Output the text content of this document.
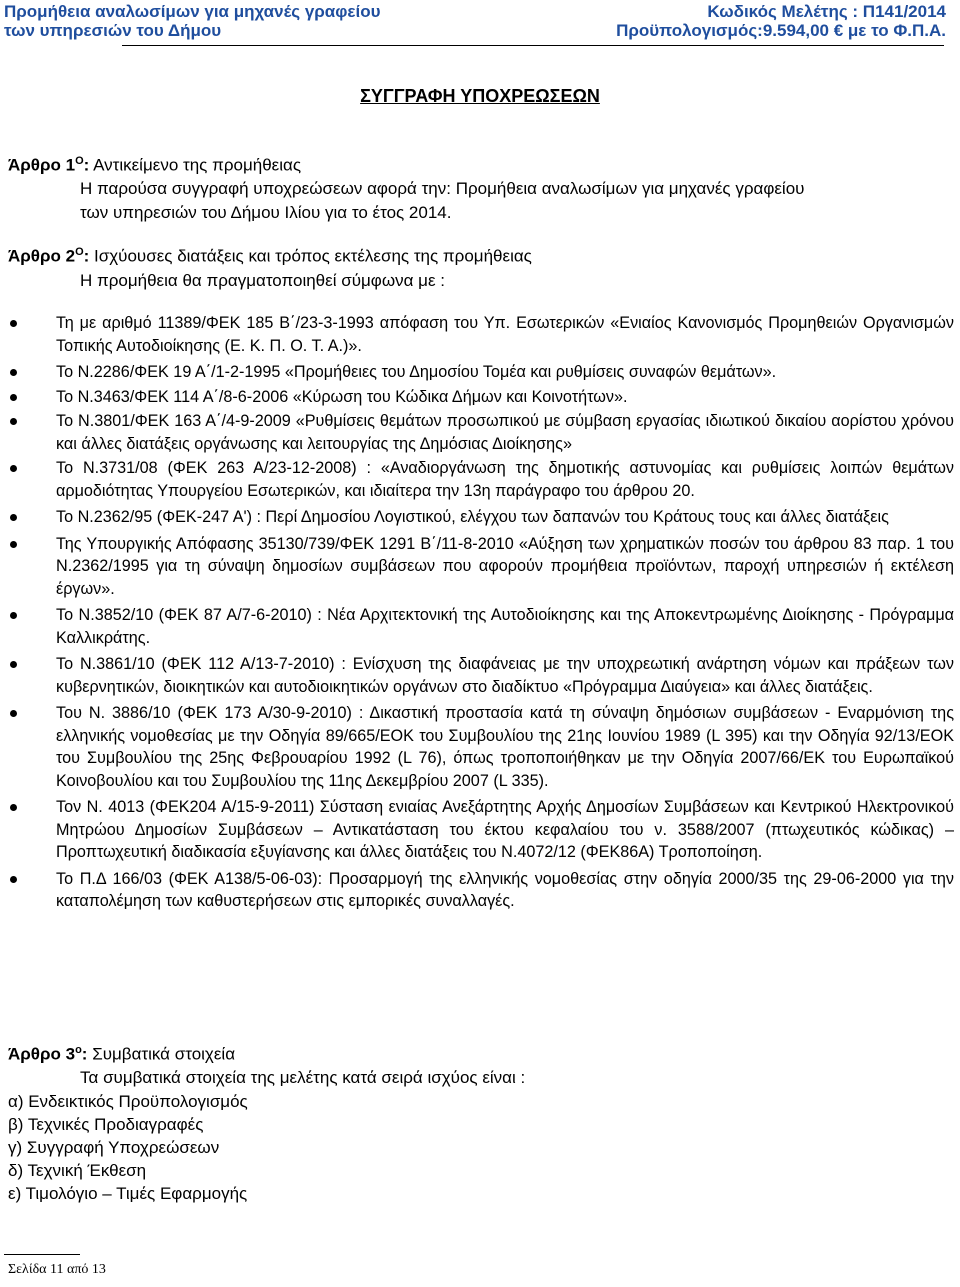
Προμήθεια αναλωσίμων για μηχανές γραφείου
των υπηρεσιών του Δήμου
Κωδικός Μελέτης : Π141/2014
Προϋπολογισμός:9.594,00 € με το Φ.Π.Α.
ΣΥΓΓΡΑΦΗ ΥΠΟΧΡΕΩΣΕΩΝ
Άρθρο $1^O$: Αντικείμενο της προμήθειας
Η παρούσα συγγραφή υποχρεώσεων αφορά την: Προμήθεια αναλωσίμων για μηχανές γραφείου
των υπηρεσιών του Δήμου Ιλίου για το έτος 2014.
Άρθρο $2^O$: Ισχύουσες διατάξεις και τρόπος εκτέλεσης της προμήθειας
Η προμήθεια θα πραγματοποιηθεί σύμφωνα με :
Τη με αριθμό 11389/ΦΕΚ 185 Β΄/23-3-1993 απόφαση του Υπ. Εσωτερικών «Ενιαίος Κανονισμός Προμηθειών Οργανισμών Τοπικής Αυτοδιοίκησης (Ε. Κ. Π. Ο. Τ. Α.)».
Το Ν.2286/ΦΕΚ 19 Α΄/1-2-1995 «Προμήθειες του Δημοσίου Τομέα και ρυθμίσεις συναφών θεμάτων».
Το Ν.3463/ΦΕΚ 114 Α΄/8-6-2006 «Κύρωση του Κώδικα Δήμων και Κοινοτήτων».
Το Ν.3801/ΦΕΚ 163 Α΄/4-9-2009 «Ρυθμίσεις θεμάτων προσωπικού με σύμβαση εργασίας ιδιωτικού δικαίου αορίστου χρόνου και άλλες διατάξεις οργάνωσης και λειτουργίας της Δημόσιας Διοίκησης»
Το Ν.3731/08 (ΦΕΚ 263 Α/23-12-2008) : «Αναδιοργάνωση της δημοτικής αστυνομίας και ρυθμίσεις λοιπών θεμάτων αρμοδιότητας Υπουργείου Εσωτερικών, και ιδιαίτερα την 13η παράγραφο του άρθρου 20.
Το Ν.2362/95 (ΦΕΚ-247 Α') : Περί Δημοσίου Λογιστικού, ελέγχου των δαπανών του Κράτους τους και άλλες διατάξεις
Της Υπουργικής Απόφασης 35130/739/ΦΕΚ 1291 Β΄/11-8-2010 «Αύξηση των χρηματικών ποσών του άρθρου 83 παρ. 1 του Ν.2362/1995 για τη σύναψη δημοσίων συμβάσεων που αφορούν προμήθεια προϊόντων, παροχή υπηρεσιών ή εκτέλεση έργων».
Το Ν.3852/10 (ΦΕΚ 87 Α/7-6-2010) : Νέα Αρχιτεκτονική της Αυτοδιοίκησης και της Αποκεντρωμένης Διοίκησης - Πρόγραμμα Καλλικράτης.
Το Ν.3861/10 (ΦΕΚ 112 Α/13-7-2010) : Ενίσχυση της διαφάνειας με την υποχρεωτική ανάρτηση νόμων και πράξεων των κυβερνητικών, διοικητικών και αυτοδιοικητικών οργάνων στο διαδίκτυο «Πρόγραμμα Διαύγεια» και άλλες διατάξεις.
Του Ν. 3886/10 (ΦΕΚ 173 Α/30-9-2010) : Δικαστική προστασία κατά τη σύναψη δημόσιων συμβάσεων - Εναρμόνιση της ελληνικής νομοθεσίας με την Οδηγία 89/665/ΕΟΚ του Συμβουλίου της 21ης Ιουνίου 1989 (L 395) και την Οδηγία 92/13/ΕΟΚ του Συμβουλίου της 25ης Φεβρουαρίου 1992 (L 76), όπως τροποποιήθηκαν με την Οδηγία 2007/66/ΕΚ του Ευρωπαϊκού Κοινοβουλίου και του Συμβουλίου της 11ης Δεκεμβρίου 2007 (L 335).
Τον Ν. 4013 (ΦΕΚ204 Α/15-9-2011) Σύσταση ενιαίας Ανεξάρτητης Αρχής Δημοσίων Συμβάσεων και Κεντρικού Ηλεκτρονικού Μητρώου Δημοσίων Συμβάσεων – Αντικατάσταση του έκτου κεφαλαίου του ν. 3588/2007 (πτωχευτικός κώδικας) – Προπτωχευτική διαδικασία εξυγίανσης και άλλες διατάξεις του Ν.4072/12 (ΦΕΚ86Α) Τροποποίηση.
Το Π.Δ 166/03 (ΦΕΚ Α138/5-06-03): Προσαρμογή της ελληνικής νομοθεσίας στην οδηγία 2000/35 της 29-06-2000 για την καταπολέμηση των καθυστερήσεων στις εμπορικές συναλλαγές.
Άρθρο $3^o$: Συμβατικά στοιχεία
Τα συμβατικά στοιχεία της μελέτης κατά σειρά ισχύος είναι :
α) Ενδεικτικός Προϋπολογισμός
β) Τεχνικές Προδιαγραφές
γ) Συγγραφή Υποχρεώσεων
δ) Τεχνική Έκθεση
ε) Τιμολόγιο – Τιμές Εφαρμογής
Σελίδα 11 από 13
